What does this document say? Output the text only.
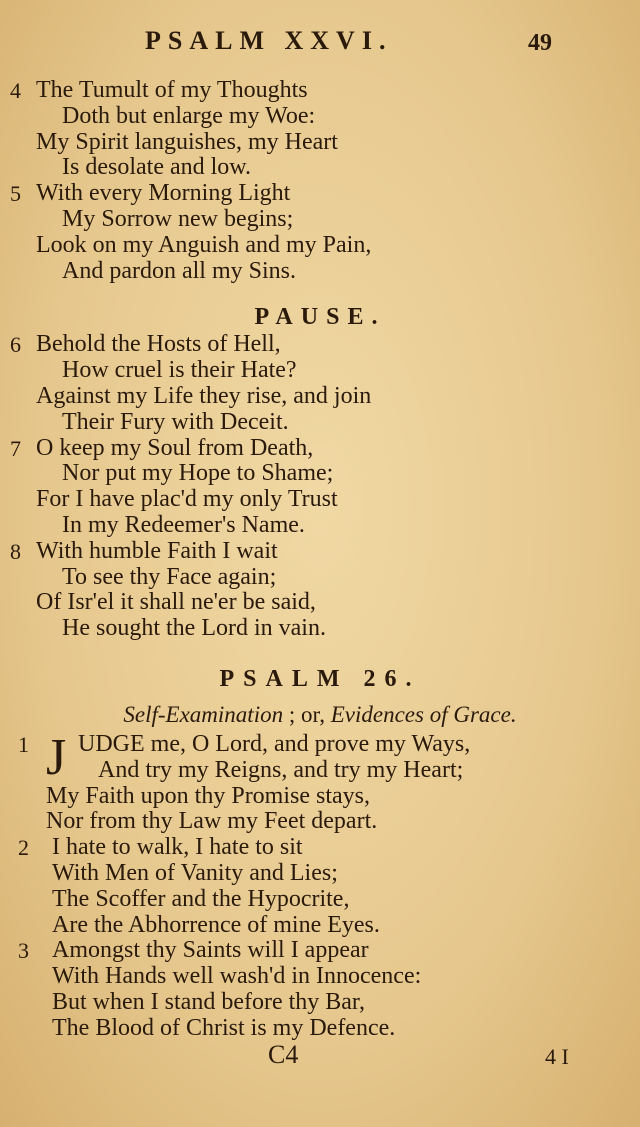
PSALM XXVI.	49
4 The Tumult of my Thoughts
Doth but enlarge my Woe:
My Spirit languishes, my Heart
Is desolate and low.
5 With every Morning Light
My Sorrow new begins;
Look on my Anguish and my Pain,
And pardon all my Sins.
PAUSE.
6 Behold the Hosts of Hell,
How cruel is their Hate?
Against my Life they rise, and join
Their Fury with Deceit.
7 O keep my Soul from Death,
Nor put my Hope to Shame;
For I have plac'd my only Trust
In my Redeemer's Name.
8 With humble Faith I wait
To see thy Face again;
Of Isr'el it shall ne'er be said,
He sought the Lord in vain.
PSALM 26.
Self-Examination ; or, Evidences of Grace.
1 J UDGE me, O Lord, and prove my Ways,
And try my Reigns, and try my Heart;
My Faith upon thy Promise stays,
Nor from thy Law my Feet depart.
2 I hate to walk, I hate to sit
With Men of Vanity and Lies;
The Scoffer and the Hypocrite,
Are the Abhorrence of mine Eyes.
3 Amongst thy Saints will I appear
With Hands well wash'd in Innocence:
But when I stand before thy Bar,
The Blood of Christ is my Defence.
C4	4 I
